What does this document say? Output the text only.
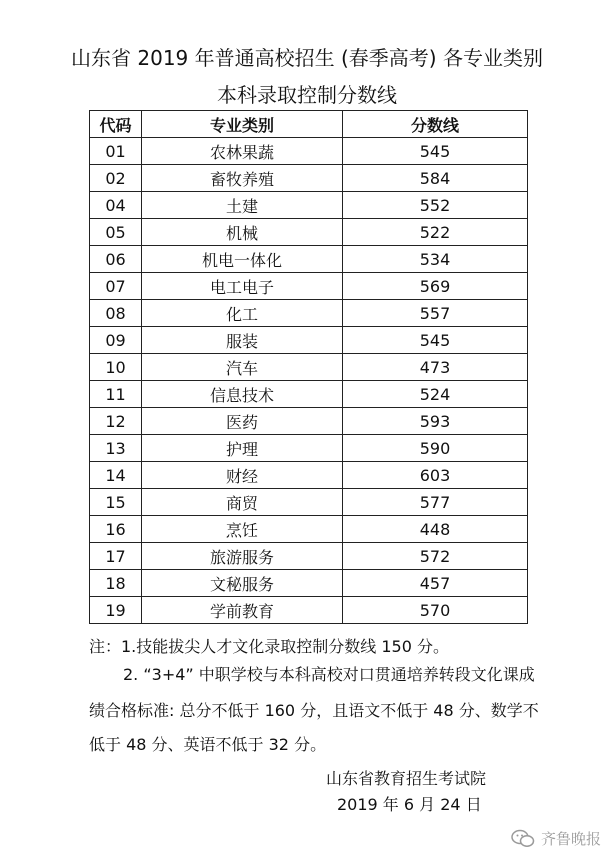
山东省 2019 年普通高校招生 (春季高考) 各专业类别
本科录取控制分数线
代码	专业类别	分数线
01	农林果蔬	545
02	畜牧养殖	584
04	土建	552
05	机械	522
06	机电一体化	534
07	电工电子	569
08	化工	557
09	服装	545
10	汽车	473
11	信息技术	524
12	医药	593
13	护理	590
14	财经	603
15	商贸	577
16	烹饪	448
17	旅游服务	572
18	文秘服务	457
19	学前教育	570
注：1.技能拔尖人才文化录取控制分数线 150 分。
2. “3+4” 中职学校与本科高校对口贯通培养转段文化课成
绩合格标准: 总分不低于 160 分，且语文不低于 48 分、数学不
低于 48 分、英语不低于 32 分。
山东省教育招生考试院
2019 年 6 月 24 日
齐鲁晚报
